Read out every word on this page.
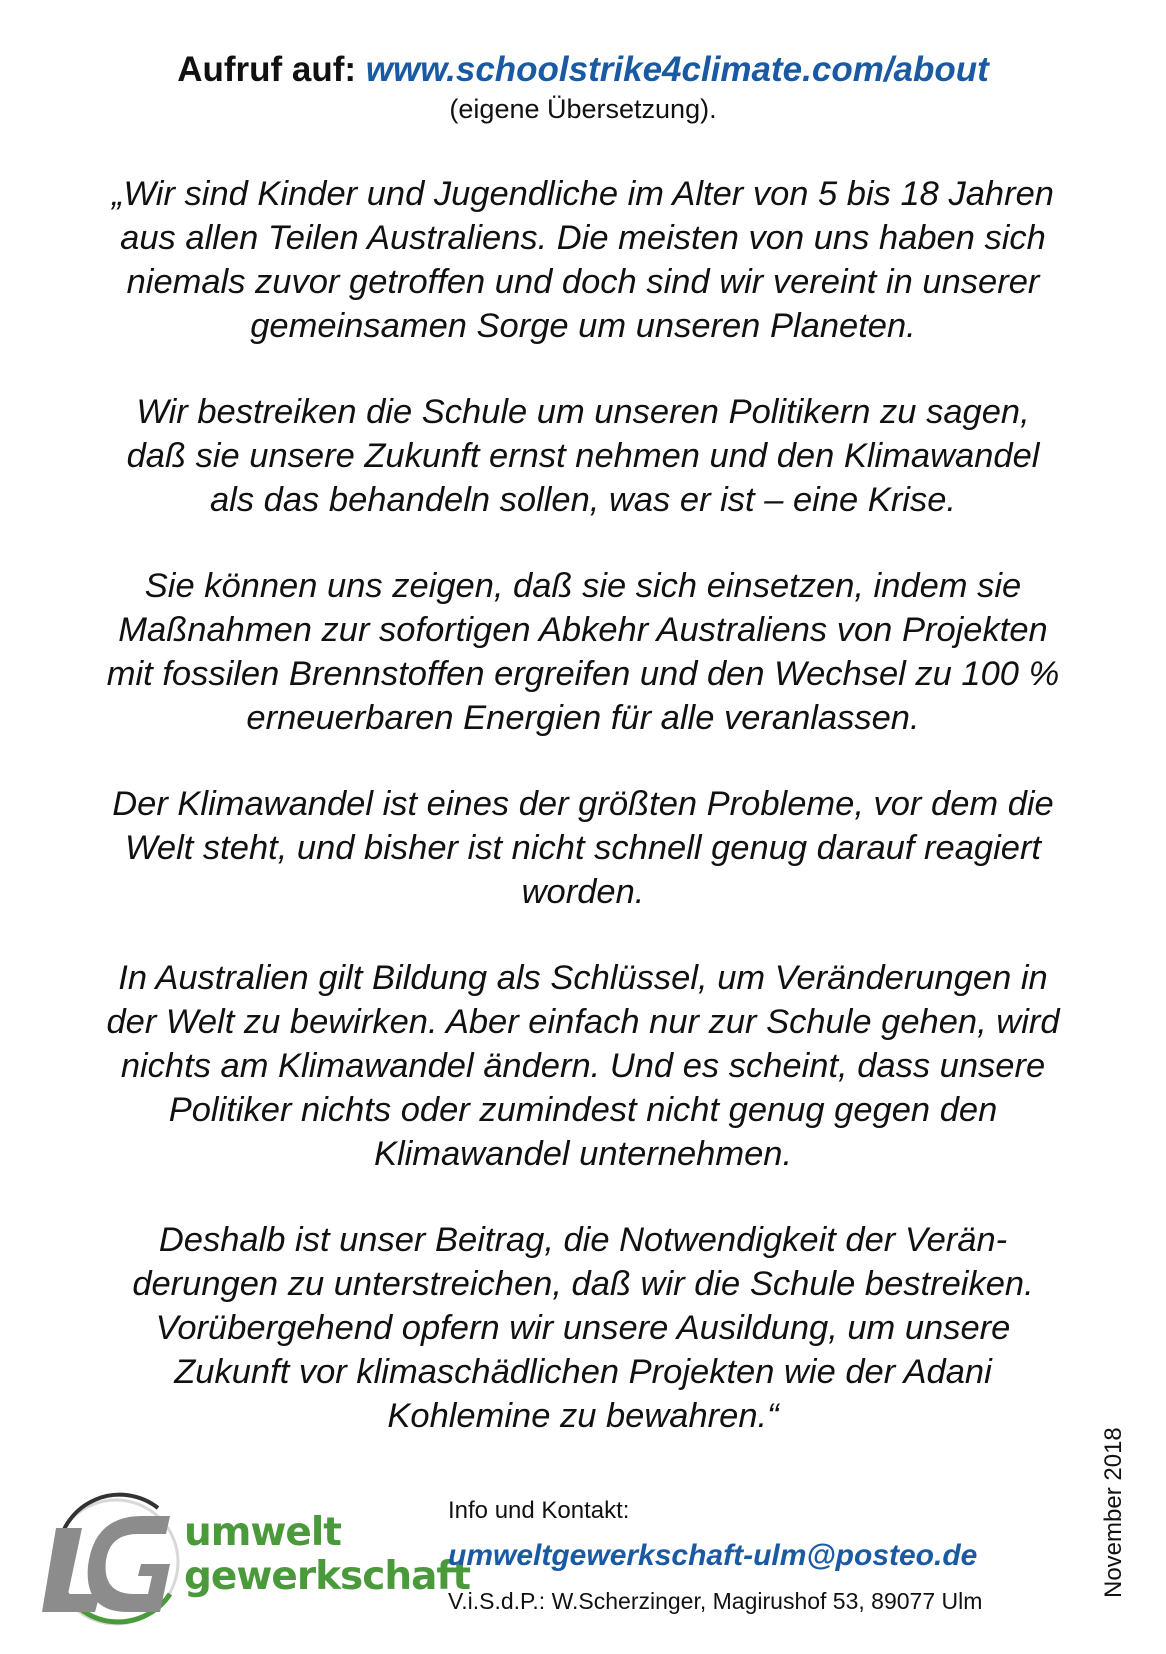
Aufruf auf: www.schoolstrike4climate.com/about
(eigene Übersetzung).
„Wir sind Kinder und Jugendliche im Alter von 5 bis 18 Jahren
aus allen Teilen Australiens. Die meisten von uns haben sich
niemals zuvor getroffen und doch sind wir vereint in unserer
gemeinsamen Sorge um unseren Planeten.
Wir bestreiken die Schule um unseren Politikern zu sagen,
daß sie unsere Zukunft ernst nehmen und den Klimawandel
als das behandeln sollen, was er ist – eine Krise.
Sie können uns zeigen, daß sie sich einsetzen, indem sie
Maßnahmen zur sofortigen Abkehr Australiens von Projekten
mit fossilen Brennstoffen ergreifen und den Wechsel zu 100 %
erneuerbaren Energien für alle veranlassen.
Der Klimawandel ist eines der größten Probleme, vor dem die
Welt steht, und bisher ist nicht schnell genug darauf reagiert
worden.
In Australien gilt Bildung als Schlüssel, um Veränderungen in
der Welt zu bewirken. Aber einfach nur zur Schule gehen, wird
nichts am Klimawandel ändern. Und es scheint, dass unsere
Politiker nichts oder zumindest nicht genug gegen den
Klimawandel unternehmen.
Deshalb ist unser Beitrag, die Notwendigkeit der Verän-
derungen zu unterstreichen, daß wir die Schule bestreiken.
Vorübergehend opfern wir unsere Ausildung, um unsere
Zukunft vor klimaschädlichen Projekten wie der Adani
Kohlemine zu bewahren.“
umwelt
gewerkschaft
Info und Kontakt:
umweltgewerkschaft-ulm@posteo.de
V.i.S.d.P.: W.Scherzinger, Magirushof 53, 89077 Ulm
November 2018
